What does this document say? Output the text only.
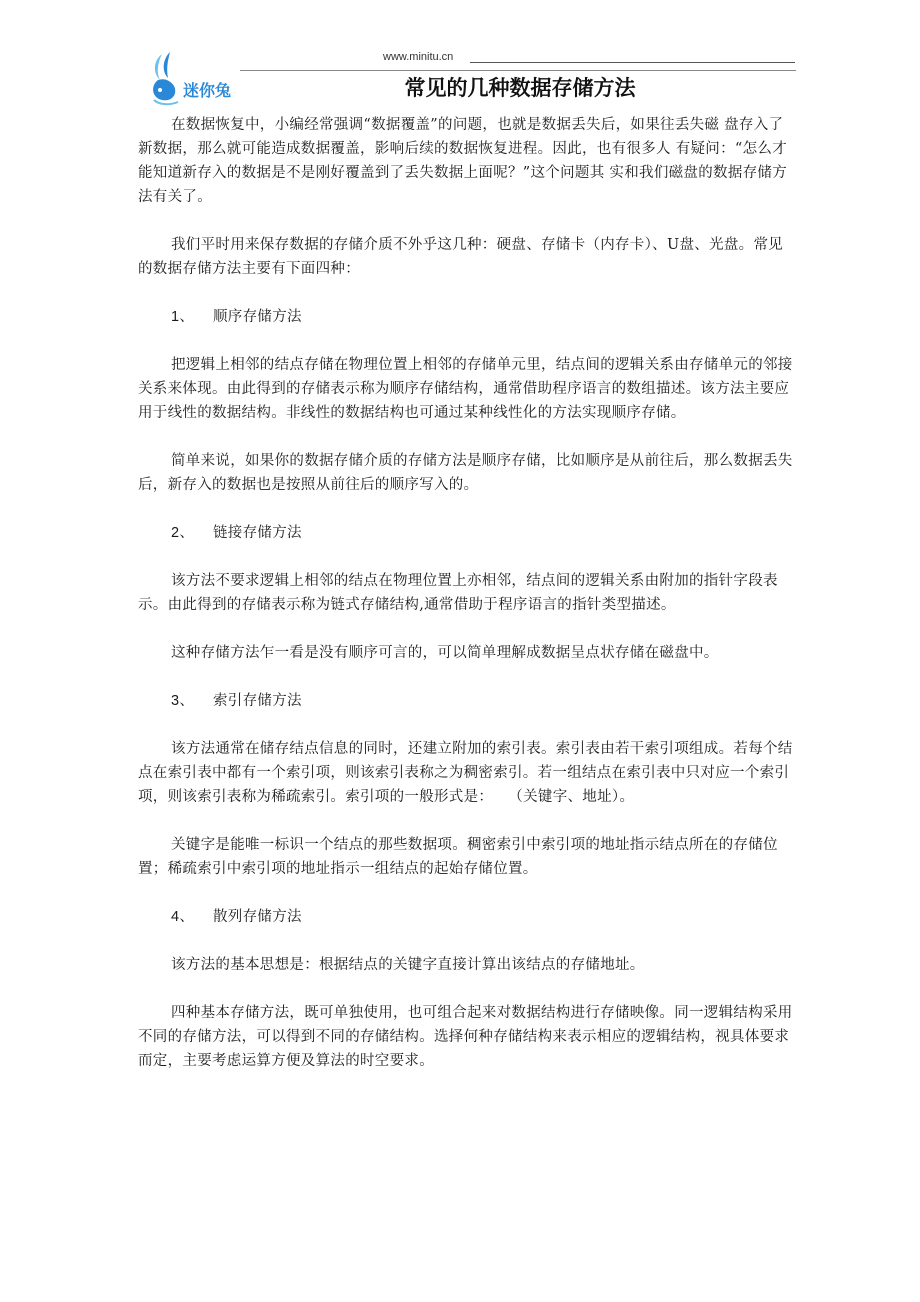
www.minitu.cn
迷你兔	常见的几种数据存储方法

在数据恢复中，小编经常强调“数据覆盖”的问题，也就是数据丢失后，如果往丢失磁 盘存入了新数据，那么就可能造成数据覆盖，影响后续的数据恢复进程。因此，也有很多人 有疑问：“怎么才能知道新存入的数据是不是刚好覆盖到了丢失数据上面呢？”这个问题其 实和我们磁盘的数据存储方法有关了。

我们平时用来保存数据的存储介质不外乎这几种：硬盘、存储卡（内存卡）、U盘、光盘。常见的数据存储方法主要有下面四种：

1、 顺序存储方法

把逻辑上相邻的结点存储在物理位置上相邻的存储单元里，结点间的逻辑关系由存储单元的邻接关系来体现。由此得到的存储表示称为顺序存储结构，通常借助程序语言的数组描述。该方法主要应用于线性的数据结构。非线性的数据结构也可通过某种线性化的方法实现顺序存储。

简单来说，如果你的数据存储介质的存储方法是顺序存储，比如顺序是从前往后，那么数据丢失后，新存入的数据也是按照从前往后的顺序写入的。

2、 链接存储方法

该方法不要求逻辑上相邻的结点在物理位置上亦相邻，结点间的逻辑关系由附加的指针字段表示。由此得到的存储表示称为链式存储结构,通常借助于程序语言的指针类型描述。

这种存储方法乍一看是没有顺序可言的，可以简单理解成数据呈点状存储在磁盘中。

3、 索引存储方法

该方法通常在储存结点信息的同时，还建立附加的索引表。索引表由若干索引项组成。若每个结点在索引表中都有一个索引项，则该索引表称之为稠密索引。若一组结点在索引表中只对应一个索引项，则该索引表称为稀疏索引。索引项的一般形式是：　　（关键字、地址）。

关键字是能唯一标识一个结点的那些数据项。稠密索引中索引项的地址指示结点所在的存储位置；稀疏索引中索引项的地址指示一组结点的起始存储位置。

4、 散列存储方法

该方法的基本思想是：根据结点的关键字直接计算出该结点的存储地址。

四种基本存储方法，既可单独使用，也可组合起来对数据结构进行存储映像。同一逻辑结构采用不同的存储方法，可以得到不同的存储结构。选择何种存储结构来表示相应的逻辑结构，视具体要求而定，主要考虑运算方便及算法的时空要求。
